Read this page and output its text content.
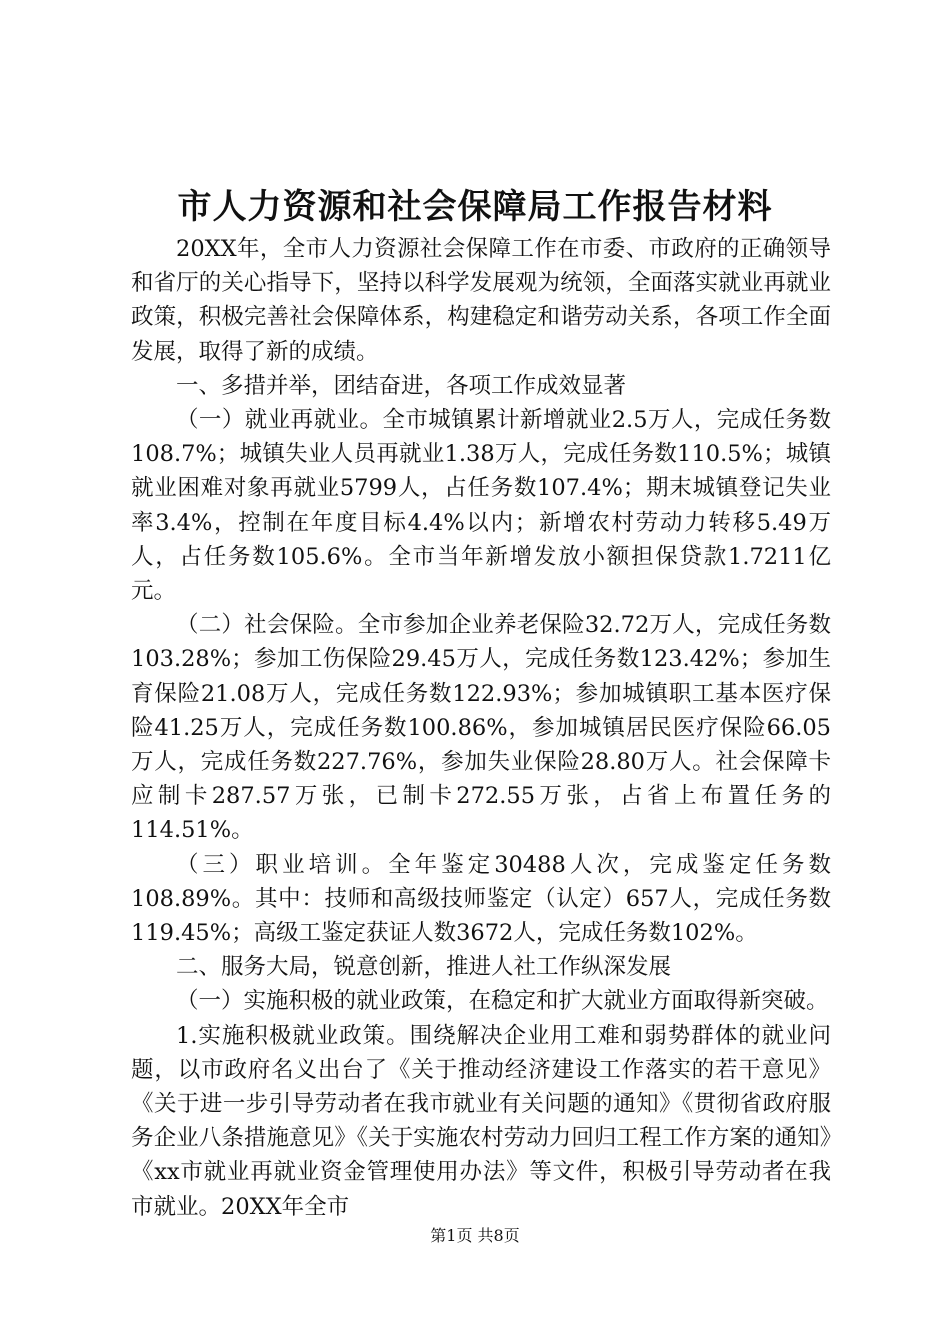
市人力资源和社会保障局工作报告材料

20XX年，全市人力资源社会保障工作在市委、市政府的正确领导和省厅的关心指导下，坚持以科学发展观为统领，全面落实就业再就业政策，积极完善社会保障体系，构建稳定和谐劳动关系，各项工作全面发展，取得了新的成绩。

一、多措并举，团结奋进，各项工作成效显著

（一）就业再就业。全市城镇累计新增就业2.5万人，完成任务数108.7%；城镇失业人员再就业1.38万人，完成任务数110.5%；城镇就业困难对象再就业5799人，占任务数107.4%；期末城镇登记失业率3.4%，控制在年度目标4.4%以内；新增农村劳动力转移5.49万人，占任务数105.6%。全市当年新增发放小额担保贷款1.7211亿元。

（二）社会保险。全市参加企业养老保险32.72万人，完成任务数103.28%；参加工伤保险29.45万人，完成任务数123.42%；参加生育保险21.08万人，完成任务数122.93%；参加城镇职工基本医疗保险41.25万人，完成任务数100.86%，参加城镇居民医疗保险66.05万人，完成任务数227.76%，参加失业保险28.80万人。社会保障卡应制卡287.57万张，已制卡272.55万张，占省上布置任务的114.51%。

（三）职业培训。全年鉴定30488人次，完成鉴定任务数108.89%。其中：技师和高级技师鉴定（认定）657人，完成任务数119.45%；高级工鉴定获证人数3672人，完成任务数102%。

二、服务大局，锐意创新，推进人社工作纵深发展

（一）实施积极的就业政策，在稳定和扩大就业方面取得新突破。

1.实施积极就业政策。围绕解决企业用工难和弱势群体的就业问题，以市政府名义出台了《关于推动经济建设工作落实的若干意见》《关于进一步引导劳动者在我市就业有关问题的通知》《贯彻省政府服务企业八条措施意见》《关于实施农村劳动力回归工程工作方案的通知》《xx市就业再就业资金管理使用办法》等文件，积极引导劳动者在我市就业。20XX年全市

第1页 共8页
